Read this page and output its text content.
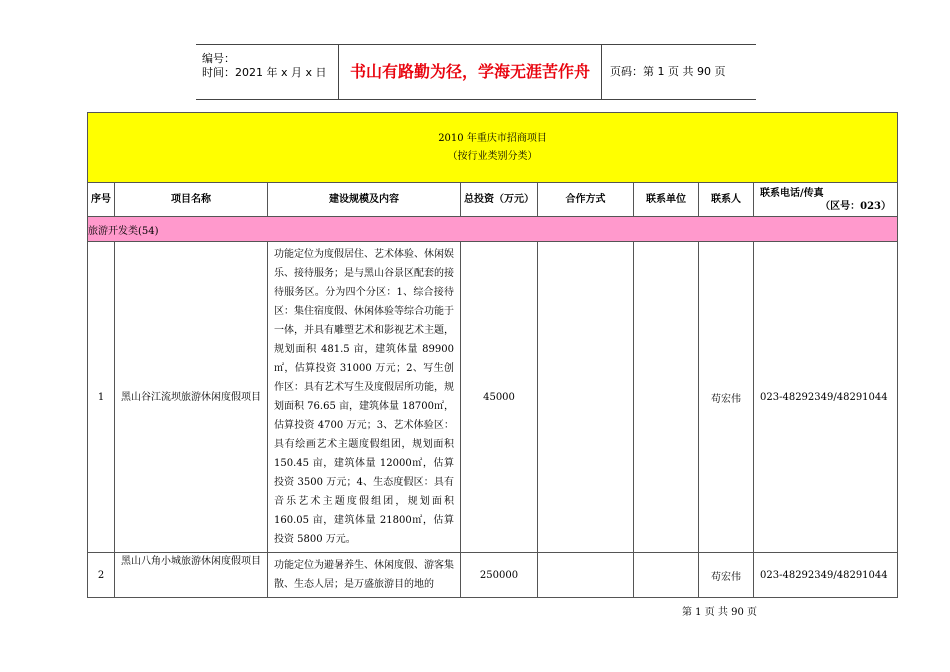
编号：
时间：2021 年 x 月 x 日	书山有路勤为径，学海无涯苦作舟	页码：第 1 页 共 90 页
2010 年重庆市招商项目
（按行业类别分类）							

序号	项目名称	建设规模及内容	总投资（万元）	合作方式	联系单位	联系人	联系电话/传真
（区号：023）

旅游开发类(54)							
1	黑山谷江流坝旅游休闲度假项目	功能定位为度假居住、艺术体验、休闲娱乐、接待服务；是与黑山谷景区配套的接待服务区。分为四个分区：1、综合接待区：集住宿度假、休闲体验等综合功能于一体，并具有雕塑艺术和影视艺术主题，规划面积 481.5 亩，建筑体量 89900㎡，估算投资 31000 万元；2、写生创作区：具有艺术写生及度假居所功能，规划面积 76.65 亩，建筑体量 18700㎡，估算投资 4700 万元；3、艺术体验区：具有绘画艺术主题度假组团，规划面积 150.45 亩，建筑体量 12000㎡，估算投资 3500 万元；4、生态度假区：具有音乐艺术主题度假组团，规划面积 160.05 亩，建筑体量 21800㎡，估算投资 5800 万元。	45000			苟宏伟	023-48292349/48291044
2	黑山八角小城旅游休闲度假项目	功能定位为避暑养生、休闲度假、游客集散、生态人居；是万盛旅游目的地的	250000			苟宏伟	023-48292349/48291044
第 1 页 共 90 页
